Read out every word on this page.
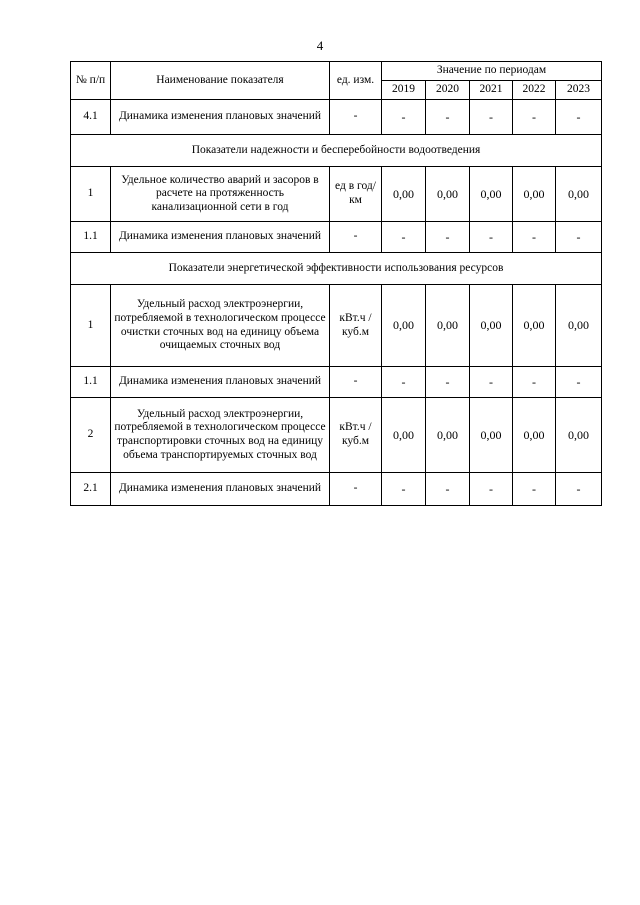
4
№ п/п	Наименование показателя	ед. изм.	Значение по периодам				
			2019	2020	2021	2022	2023
4.1	Динамика изменения плановых значений	-	-	-	-	-	-
Показатели надежности и бесперебойности водоотведения							
1	Удельное количество аварий и засоров в расчете на протяженность канализационной сети в год	ед в год/ км	0,00	0,00	0,00	0,00	0,00
1.1	Динамика изменения плановых значений	-	-	-	-	-	-
Показатели энергетической эффективности использования ресурсов							
1	Удельный расход электроэнергии, потребляемой в технологическом процессе очистки сточных вод на единицу объема очищаемых сточных вод	кВт.ч / куб.м	0,00	0,00	0,00	0,00	0,00
1.1	Динамика изменения плановых значений	-	-	-	-	-	-
2	Удельный расход электроэнергии, потребляемой в технологическом процессе транспортировки сточных вод на единицу объема транспортируемых сточных вод	кВт.ч / куб.м	0,00	0,00	0,00	0,00	0,00
2.1	Динамика изменения плановых значений	-	-	-	-	-	-
